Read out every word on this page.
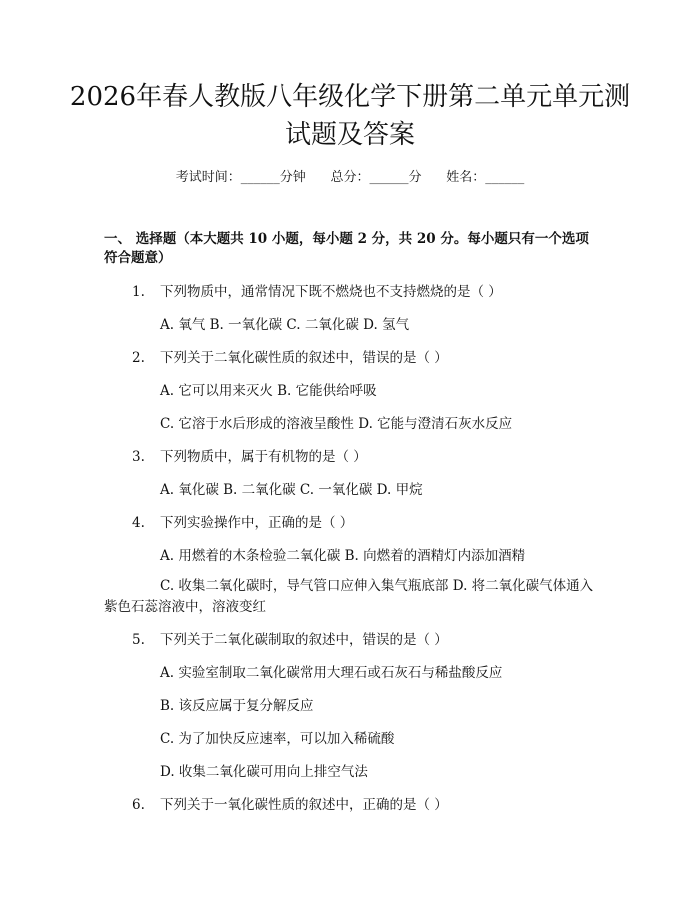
2026年春人教版八年级化学下册第二单元单元测试题及答案
考试时间：______分钟      总分：______分      姓名：______
一、 选择题（本大题共 10 小题，每小题 2 分，共 20 分。每小题只有一个选项符合题意）
1. 下列物质中，通常情况下既不燃烧也不支持燃烧的是（ ）
A. 氧气 B. 一氧化碳 C. 二氧化碳 D. 氢气
2. 下列关于二氧化碳性质的叙述中，错误的是（ ）
A. 它可以用来灭火 B. 它能供给呼吸
C. 它溶于水后形成的溶液呈酸性 D. 它能与澄清石灰水反应
3. 下列物质中，属于有机物的是（ ）
A. 氧化碳 B. 二氧化碳 C. 一氧化碳 D. 甲烷
4. 下列实验操作中，正确的是（ ）
A. 用燃着的木条检验二氧化碳 B. 向燃着的酒精灯内添加酒精
C. 收集二氧化碳时，导气管口应伸入集气瓶底部 D. 将二氧化碳气体通入紫色石蕊溶液中，溶液变红
5. 下列关于二氧化碳制取的叙述中，错误的是（ ）
A. 实验室制取二氧化碳常用大理石或石灰石与稀盐酸反应
B. 该反应属于复分解反应
C. 为了加快反应速率，可以加入稀硫酸
D. 收集二氧化碳可用向上排空气法
6. 下列关于一氧化碳性质的叙述中，正确的是（ ）
